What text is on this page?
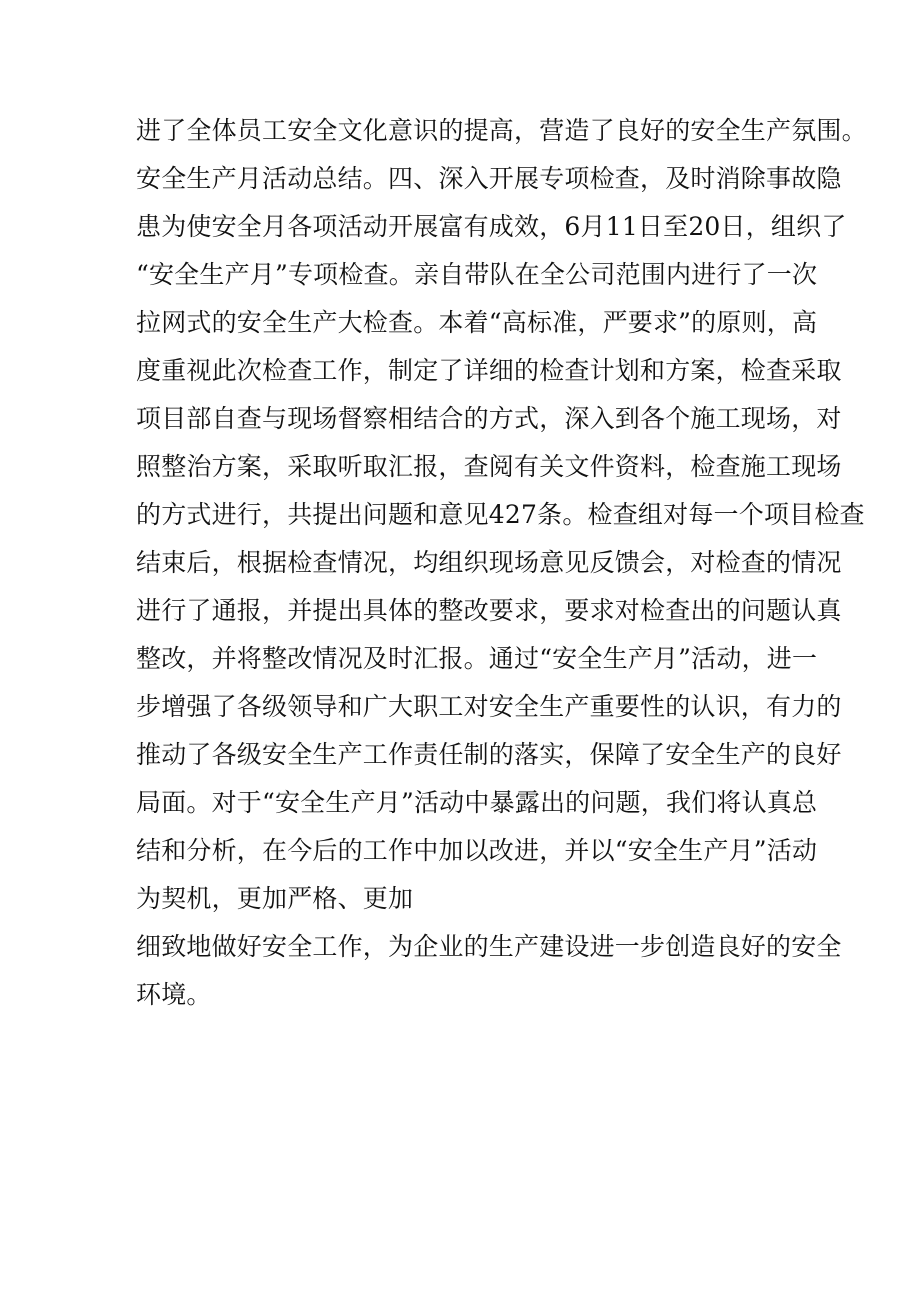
进了全体员工安全文化意识的提高，营造了良好的安全生产氛围。
安全生产月活动总结。四、深入开展专项检查，及时消除事故隐
患为使安全月各项活动开展富有成效，6月11日至20日，组织了
“安全生产月”专项检查。亲自带队在全公司范围内进行了一次
拉网式的安全生产大检查。本着“高标准，严要求”的原则，高
度重视此次检查工作，制定了详细的检查计划和方案，检查采取
项目部自查与现场督察相结合的方式，深入到各个施工现场，对
照整治方案，采取听取汇报，查阅有关文件资料，检查施工现场
的方式进行，共提出问题和意见427条。检查组对每一个项目检查
结束后，根据检查情况，均组织现场意见反馈会，对检查的情况
进行了通报，并提出具体的整改要求，要求对检查出的问题认真
整改，并将整改情况及时汇报。通过“安全生产月”活动，进一
步增强了各级领导和广大职工对安全生产重要性的认识，有力的
推动了各级安全生产工作责任制的落实，保障了安全生产的良好
局面。对于“安全生产月”活动中暴露出的问题，我们将认真总
结和分析，在今后的工作中加以改进，并以“安全生产月”活动
为契机，更加严格、更加
细致地做好安全工作，为企业的生产建设进一步创造良好的安全
环境。
